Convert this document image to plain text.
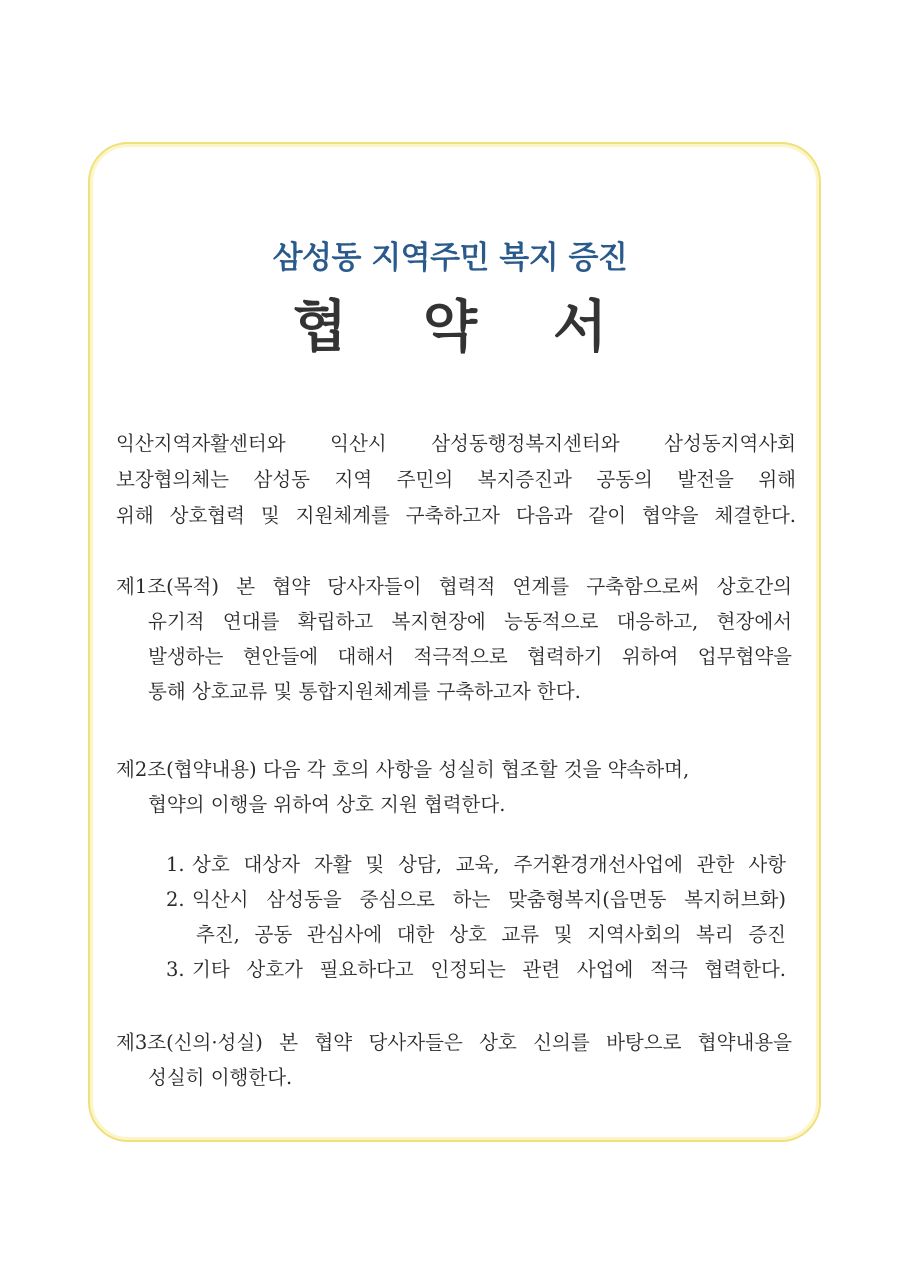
삼성동 지역주민 복지 증진
협 약 서
익산지역자활센터와 익산시 삼성동행정복지센터와 삼성동지역사회
보장협의체는 삼성동 지역 주민의 복지증진과 공동의 발전을 위해
위해 상호협력 및 지원체계를 구축하고자 다음과 같이 협약을 체결한다.
제1조(목적) 본 협약 당사자들이 협력적 연계를 구축함으로써 상호간의
유기적 연대를 확립하고 복지현장에 능동적으로 대응하고, 현장에서
발생하는 현안들에 대해서 적극적으로 협력하기 위하여 업무협약을
통해 상호교류 및 통합지원체계를 구축하고자 한다.
제2조(협약내용) 다음 각 호의 사항을 성실히 협조할 것을 약속하며,
협약의 이행을 위하여 상호 지원 협력한다.
1. 상호 대상자 자활 및 상담, 교육, 주거환경개선사업에 관한 사항
2. 익산시 삼성동을 중심으로 하는 맞춤형복지(읍면동 복지허브화)
추진, 공동 관심사에 대한 상호 교류 및 지역사회의 복리 증진
3. 기타 상호가 필요하다고 인정되는 관련 사업에 적극 협력한다.
제3조(신의·성실) 본 협약 당사자들은 상호 신의를 바탕으로 협약내용을
성실히 이행한다.
